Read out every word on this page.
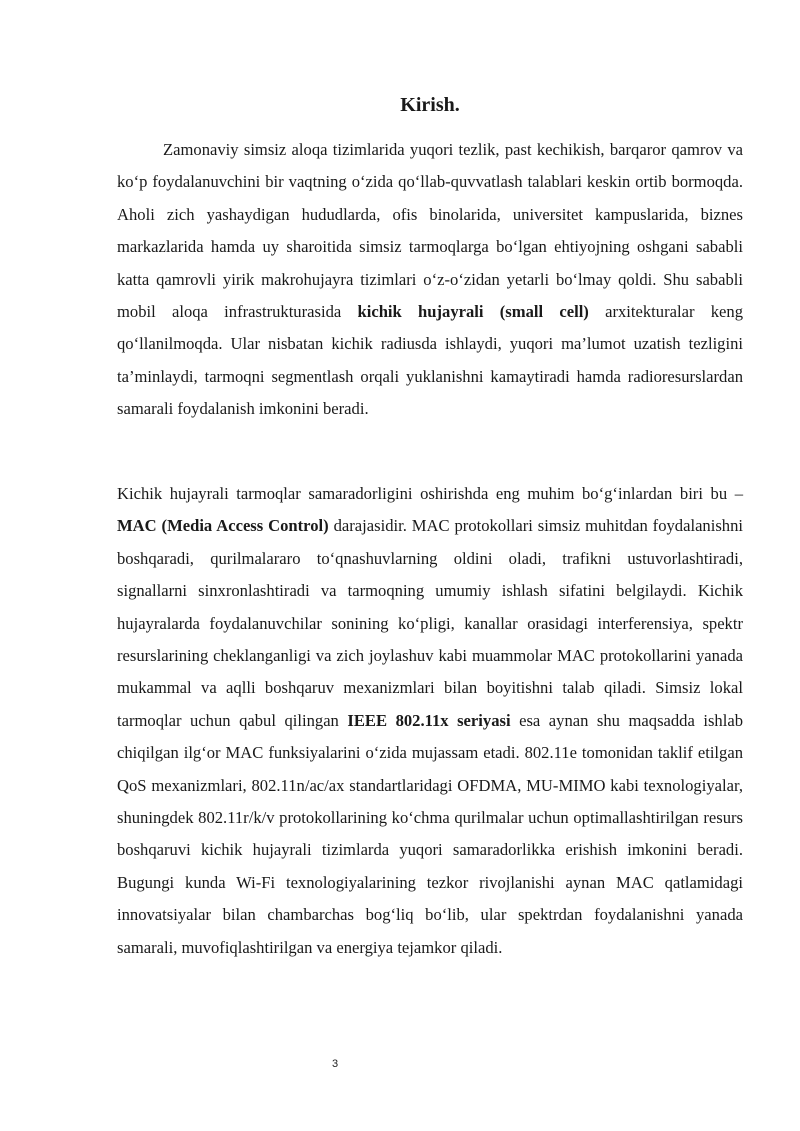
Kirish.

Zamonaviy simsiz aloqa tizimlarida yuqori tezlik, past kechikish, barqaror qamrov va ko‘p foydalanuvchini bir vaqtning o‘zida qo‘llab-quvvatlash talablari keskin ortib bormoqda. Aholi zich yashaydigan hududlarda, ofis binolarida, universitet kampuslarida, biznes markazlarida hamda uy sharoitida simsiz tarmoqlarga bo‘lgan ehtiyojning oshgani sababli katta qamrovli yirik makrohujayra tizimlari o‘z-o‘zidan yetarli bo‘lmay qoldi. Shu sababli mobil aloqa infrastrukturasida kichik hujayrali (small cell) arxitekturalar keng qo‘llanilmoqda. Ular nisbatan kichik radiusda ishlaydi, yuqori ma’lumot uzatish tezligini ta’minlaydi, tarmoqni segmentlash orqali yuklanishni kamaytiradi hamda radioresurslardan samarali foydalanish imkonini beradi.

Kichik hujayrali tarmoqlar samaradorligini oshirishda eng muhim bo‘g‘inlardan biri bu – MAC (Media Access Control) darajasidir. MAC protokollari simsiz muhitdan foydalanishni boshqaradi, qurilmalararo to‘qnashuvlarning oldini oladi, trafikni ustuvorlashtiradi, signallarni sinxronlashtiradi va tarmoqning umumiy ishlash sifatini belgilaydi. Kichik hujayralarda foydalanuvchilar sonining ko‘pligi, kanallar orasidagi interferensiya, spektr resurslarining cheklanganligi va zich joylashuv kabi muammolar MAC protokollarini yanada mukammal va aqlli boshqaruv mexanizmlari bilan boyitishni talab qiladi. Simsiz lokal tarmoqlar uchun qabul qilingan IEEE 802.11x seriyasi esa aynan shu maqsadda ishlab chiqilgan ilg‘or MAC funksiyalarini o‘zida mujassam etadi. 802.11e tomonidan taklif etilgan QoS mexanizmlari, 802.11n/ac/ax standartlaridagi OFDMA, MU-MIMO kabi texnologiyalar, shuningdek 802.11r/k/v protokollarining ko‘chma qurilmalar uchun optimallashtirilgan resurs boshqaruvi kichik hujayrali tizimlarda yuqori samaradorlikka erishish imkonini beradi. Bugungi kunda Wi-Fi texnologiyalarining tezkor rivojlanishi aynan MAC qatlamidagi innovatsiyalar bilan chambarchas bog‘liq bo‘lib, ular spektrdan foydalanishni yanada samarali, muvofiqlashtirilgan va energiya tejamkor qiladi.

3
